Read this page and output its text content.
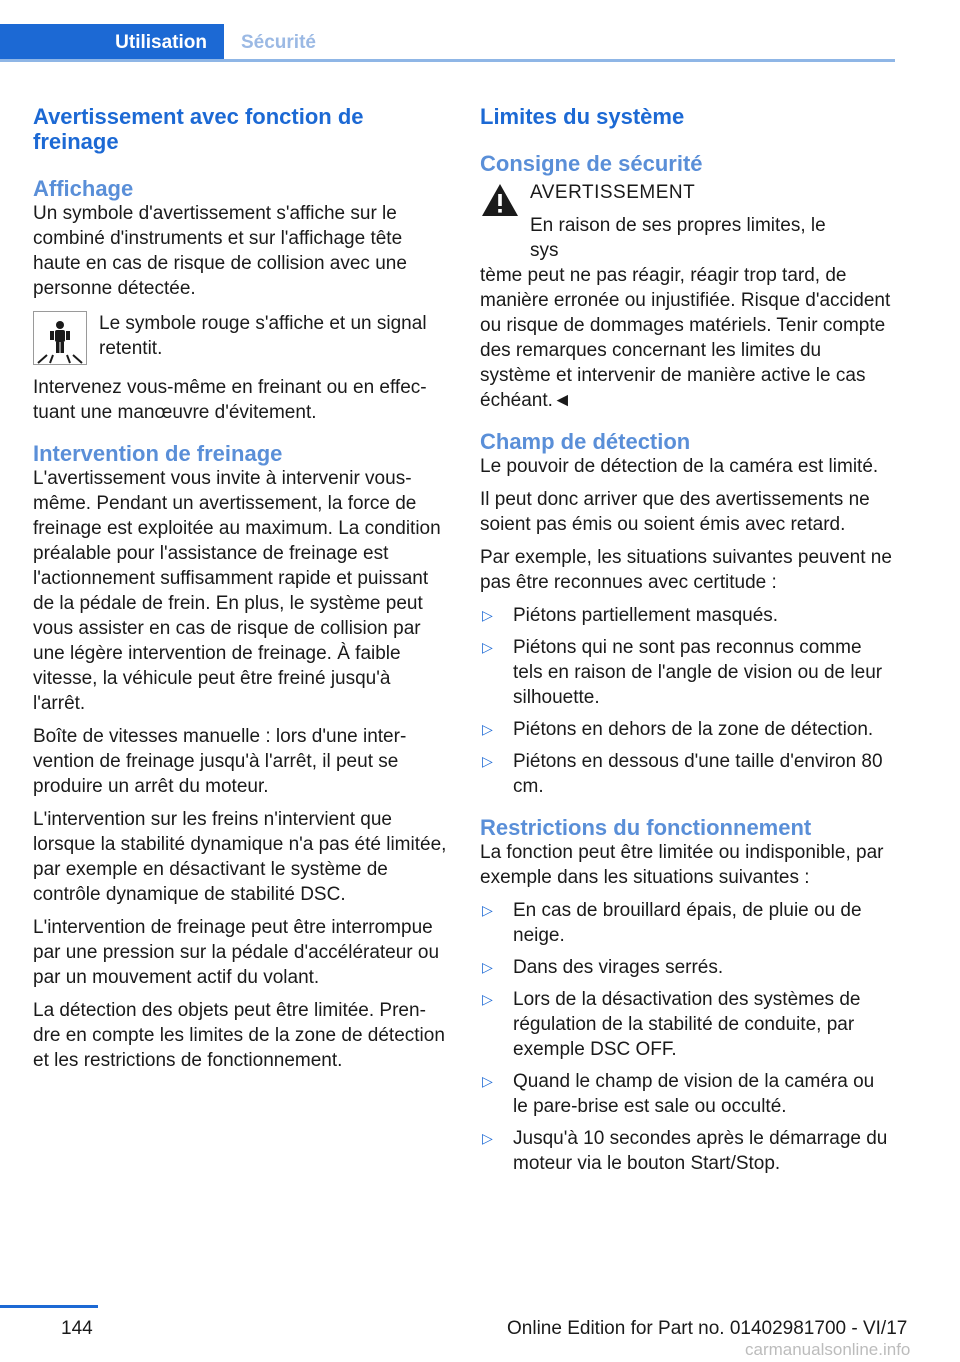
Utilisation	Sécurité
Avertissement avec fonction de freinage
Affichage

Un symbole d'avertissement s'affiche sur le combiné d'instruments et sur l'affichage tête haute en cas de risque de collision avec une personne détectée.

Le symbole rouge s'affiche et un signal retentit.

Intervenez vous-même en freinant ou en effectuant une manœuvre d'évitement.

Intervention de freinage

L'avertissement vous invite à intervenir vous-même. Pendant un avertissement, la force de freinage est exploitée au maximum. La condition préalable pour l'assistance de freinage est l'actionnement suffisamment rapide et puissant de la pédale de frein. En plus, le système peut vous assister en cas de risque de collision par une légère intervention de freinage. À faible vitesse, la véhicule peut être freiné jusqu'à l'arrêt.

Boîte de vitesses manuelle : lors d'une intervention de freinage jusqu'à l'arrêt, il peut se produire un arrêt du moteur.

L'intervention sur les freins n'intervient que lorsque la stabilité dynamique n'a pas été limitée, par exemple en désactivant le système de contrôle dynamique de stabilité DSC.

L'intervention de freinage peut être interrompue par une pression sur la pédale d'accélérateur ou par un mouvement actif du volant.

La détection des objets peut être limitée. Prendre en compte les limites de la zone de détection et les restrictions de fonctionnement.

Limites du système
Consigne de sécurité
AVERTISSEMENT
En raison de ses propres limites, le sys

tème peut ne pas réagir, réagir trop tard, de manière erronée ou injustifiée. Risque d'accident ou risque de dommages matériels. Tenir compte des remarques concernant les limites du système et intervenir de manière active le cas échéant.◄

Champ de détection

Le pouvoir de détection de la caméra est limité.

Il peut donc arriver que des avertissements ne soient pas émis ou soient émis avec retard.

Par exemple, les situations suivantes peuvent ne pas être reconnues avec certitude :

▷ Piétons partiellement masqués.
▷ Piétons qui ne sont pas reconnus comme tels en raison de l'angle de vision ou de leur silhouette.
▷ Piétons en dehors de la zone de détection.
▷ Piétons en dessous d'une taille d'environ 80 cm.
Restrictions du fonctionnement

La fonction peut être limitée ou indisponible, par exemple dans les situations suivantes :

▷ En cas de brouillard épais, de pluie ou de neige.
▷ Dans des virages serrés.
▷ Lors de la désactivation des systèmes de régulation de la stabilité de conduite, par exemple DSC OFF.
▷ Quand le champ de vision de la caméra ou le pare-brise est sale ou occulté.
▷ Jusqu'à 10 secondes après le démarrage du moteur via le bouton Start/Stop.
144	Online Edition for Part no. 01402981700 - VI/17
carmanualsonline.info
